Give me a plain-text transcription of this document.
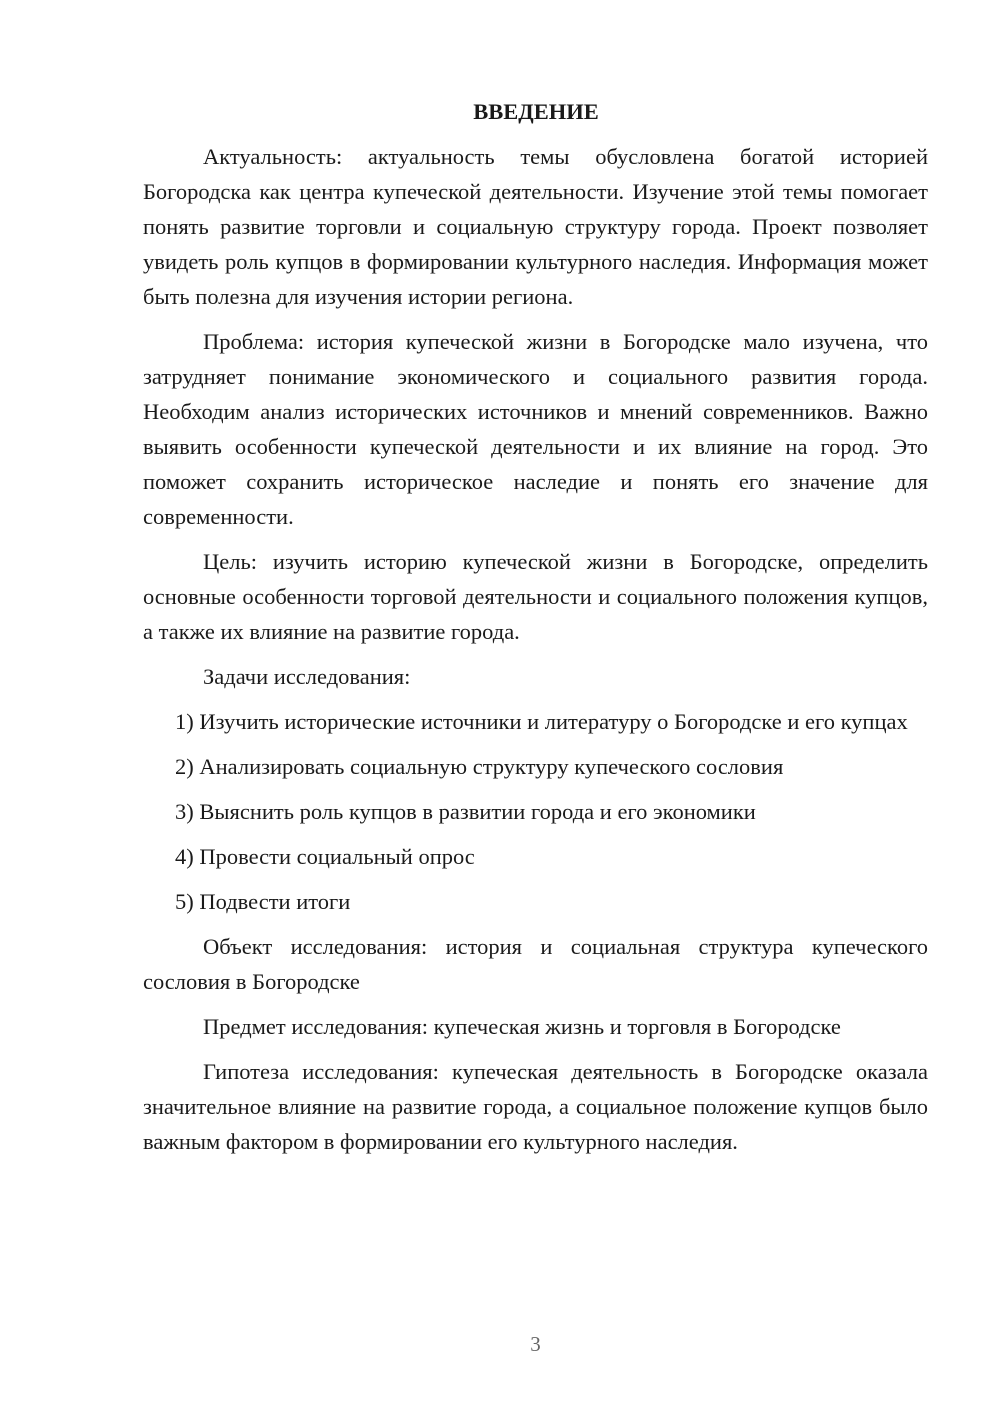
ВВЕДЕНИЕ

Актуальность: актуальность темы обусловлена богатой историей Богородска как центра купеческой деятельности. Изучение этой темы помогает понять развитие торговли и социальную структуру города. Проект позволяет увидеть роль купцов в формировании культурного наследия. Информация может быть полезна для изучения истории региона.

Проблема: история купеческой жизни в Богородске мало изучена, что затрудняет понимание экономического и социального развития города. Необходим анализ исторических источников и мнений современников. Важно выявить особенности купеческой деятельности и их влияние на город. Это поможет сохранить историческое наследие и понять его значение для современности.

Цель: изучить историю купеческой жизни в Богородске, определить основные особенности торговой деятельности и социального положения купцов, а также их влияние на развитие города.

Задачи исследования:

1) Изучить исторические источники и литературу о Богородске и его купцах

2) Анализировать социальную структуру купеческого сословия

3) Выяснить роль купцов в развитии города и его экономики

4) Провести социальный опрос

5) Подвести итоги

Объект исследования: история и социальная структура купеческого сословия в Богородске

Предмет исследования: купеческая жизнь и торговля в Богородске

Гипотеза исследования: купеческая деятельность в Богородске оказала значительное влияние на развитие города, а социальное положение купцов было важным фактором в формировании его культурного наследия.

3
